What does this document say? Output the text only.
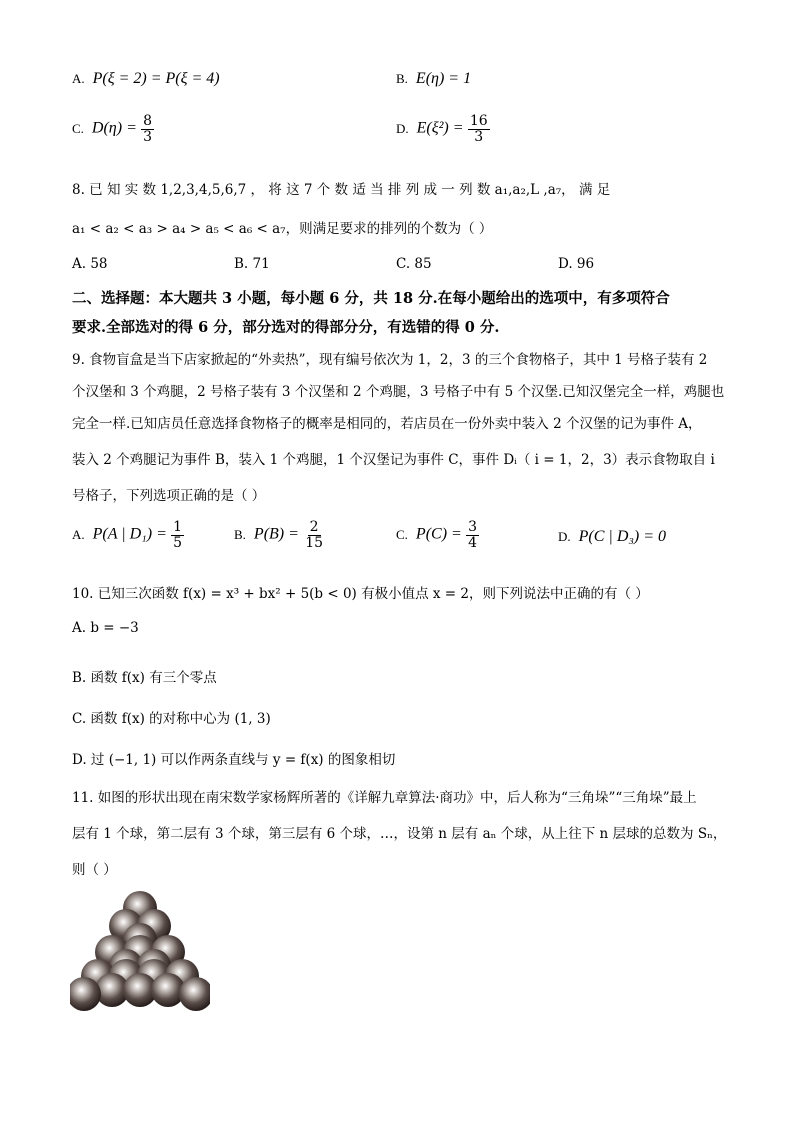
A. P(ξ = 2) = P(ξ = 4)	B. E(η) = 1
C. $D(\eta) = \frac{8}{3}$	D. $E(\xi^2) = \frac{16}{3}$
8. 已 知 实 数 1,2,3,4,5,6,7 ， 将 这 7 个 数 适 当 排 列 成 一 列 数 a₁,a₂,L ,a₇， 满 足
a₁ < a₂ < a₃ > a₄ > a₅ < a₆ < a₇，则满足要求的排列的个数为（ ）
A. 58	B. 71	C. 85	D. 96
二、选择题：本大题共 3 小题，每小题 6 分，共 18 分.在每小题给出的选项中，有多项符合
要求.全部选对的得 6 分，部分选对的得部分分，有选错的得 0 分.
9. 食物盲盒是当下店家掀起的“外卖热”，现有编号依次为 1，2，3 的三个食物格子，其中 1 号格子装有 2
个汉堡和 3 个鸡腿，2 号格子装有 3 个汉堡和 2 个鸡腿，3 号格子中有 5 个汉堡.已知汉堡完全一样，鸡腿也
完全一样.已知店员任意选择食物格子的概率是相同的，若店员在一份外卖中装入 2 个汉堡的记为事件 A，
装入 2 个鸡腿记为事件 B，装入 1 个鸡腿，1 个汉堡记为事件 C，事件 Dᵢ（ i = 1，2，3）表示食物取自 i
号格子，下列选项正确的是（ ）
A. P(A | $D_1) = \frac{1}{5}$	B. $P(B) = \frac{2}{15}$	C. $P(C) = \frac{3}{4}$	D. P(C | D₃) = 0
10. 已知三次函数 f(x) = x³ + bx² + 5(b < 0) 有极小值点 x = 2，则下列说法中正确的有（ ）
A. b = −3
B. 函数 f(x) 有三个零点
C. 函数 f(x) 的对称中心为 (1, 3)
D. 过 (−1, 1) 可以作两条直线与 y = f(x) 的图象相切
11. 如图的形状出现在南宋数学家杨辉所著的《详解九章算法·商功》中，后人称为“三角垛”“三角垛”最上
层有 1 个球，第二层有 3 个球，第三层有 6 个球，…，设第 n 层有 aₙ 个球，从上往下 n 层球的总数为 Sₙ，
则（ ）
